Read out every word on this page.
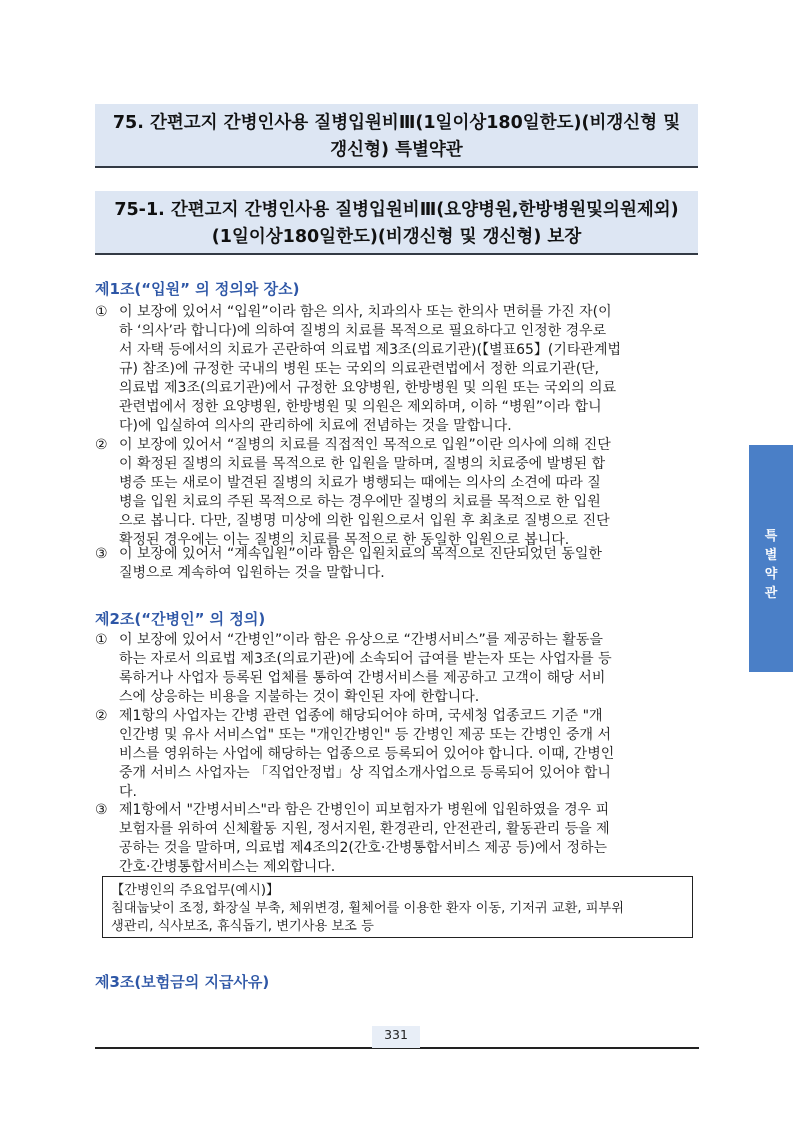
75. 간편고지 간병인사용 질병입원비Ⅲ(1일이상180일한도)(비갱신형 및
갱신형) 특별약관
75-1. 간편고지 간병인사용 질병입원비Ⅲ(요양병원,한방병원및의원제외)
(1일이상180일한도)(비갱신형 및 갱신형) 보장
제1조(“입원” 의 정의와 장소)
① 이 보장에 있어서 “입원”이라 함은 의사, 치과의사 또는 한의사 면허를 가진 자(이
하 ‘의사’라 합니다)에 의하여 질병의 치료를 목적으로 필요하다고 인정한 경우로
서 자택 등에서의 치료가 곤란하여 의료법 제3조(의료기관)(【별표65】(기타관계법
규) 참조)에 규정한 국내의 병원 또는 국외의 의료관련법에서 정한 의료기관(단,
의료법 제3조(의료기관)에서 규정한 요양병원, 한방병원 및 의원 또는 국외의 의료
관련법에서 정한 요양병원, 한방병원 및 의원은 제외하며, 이하 “병원”이라 합니
다)에 입실하여 의사의 관리하에 치료에 전념하는 것을 말합니다.
② 이 보장에 있어서 “질병의 치료를 직접적인 목적으로 입원”이란 의사에 의해 진단
이 확정된 질병의 치료를 목적으로 한 입원을 말하며, 질병의 치료중에 발병된 합
병증 또는 새로이 발견된 질병의 치료가 병행되는 때에는 의사의 소견에 따라 질
병을 입원 치료의 주된 목적으로 하는 경우에만 질병의 치료를 목적으로 한 입원
으로 봅니다. 다만, 질병명 미상에 의한 입원으로서 입원 후 최초로 질병으로 진단
확정된 경우에는 이는 질병의 치료를 목적으로 한 동일한 입원으로 봅니다.
③ 이 보장에 있어서 “계속입원”이라 함은 입원치료의 목적으로 진단되었던 동일한
질병으로 계속하여 입원하는 것을 말합니다.
제2조(“간병인” 의 정의)
① 이 보장에 있어서 “간병인”이라 함은 유상으로 “간병서비스”를 제공하는 활동을
하는 자로서 의료법 제3조(의료기관)에 소속되어 급여를 받는자 또는 사업자를 등
록하거나 사업자 등록된 업체를 통하여 간병서비스를 제공하고 고객이 해당 서비
스에 상응하는 비용을 지불하는 것이 확인된 자에 한합니다.
② 제1항의 사업자는 간병 관련 업종에 해당되어야 하며, 국세청 업종코드 기준 "개
인간병 및 유사 서비스업" 또는 "개인간병인" 등 간병인 제공 또는 간병인 중개 서
비스를 영위하는 사업에 해당하는 업종으로 등록되어 있어야 합니다. 이때, 간병인
중개 서비스 사업자는 「직업안정법」상 직업소개사업으로 등록되어 있어야 합니
다.
③ 제1항에서 "간병서비스"라 함은 간병인이 피보험자가 병원에 입원하였을 경우 피
보험자를 위하여 신체활동 지원, 정서지원, 환경관리, 안전관리, 활동관리 등을 제
공하는 것을 말하며, 의료법 제4조의2(간호·간병통합서비스 제공 등)에서 정하는
간호·간병통합서비스는 제외합니다.
【간병인의 주요업무(예시)】
침대눕낮이 조정, 화장실 부축, 체위변경, 휠체어를 이용한 환자 이동, 기저귀 교환, 피부위
생관리, 식사보조, 휴식돕기, 변기사용 보조 등
제3조(보험금의 지급사유)
특
별
약
관
331
